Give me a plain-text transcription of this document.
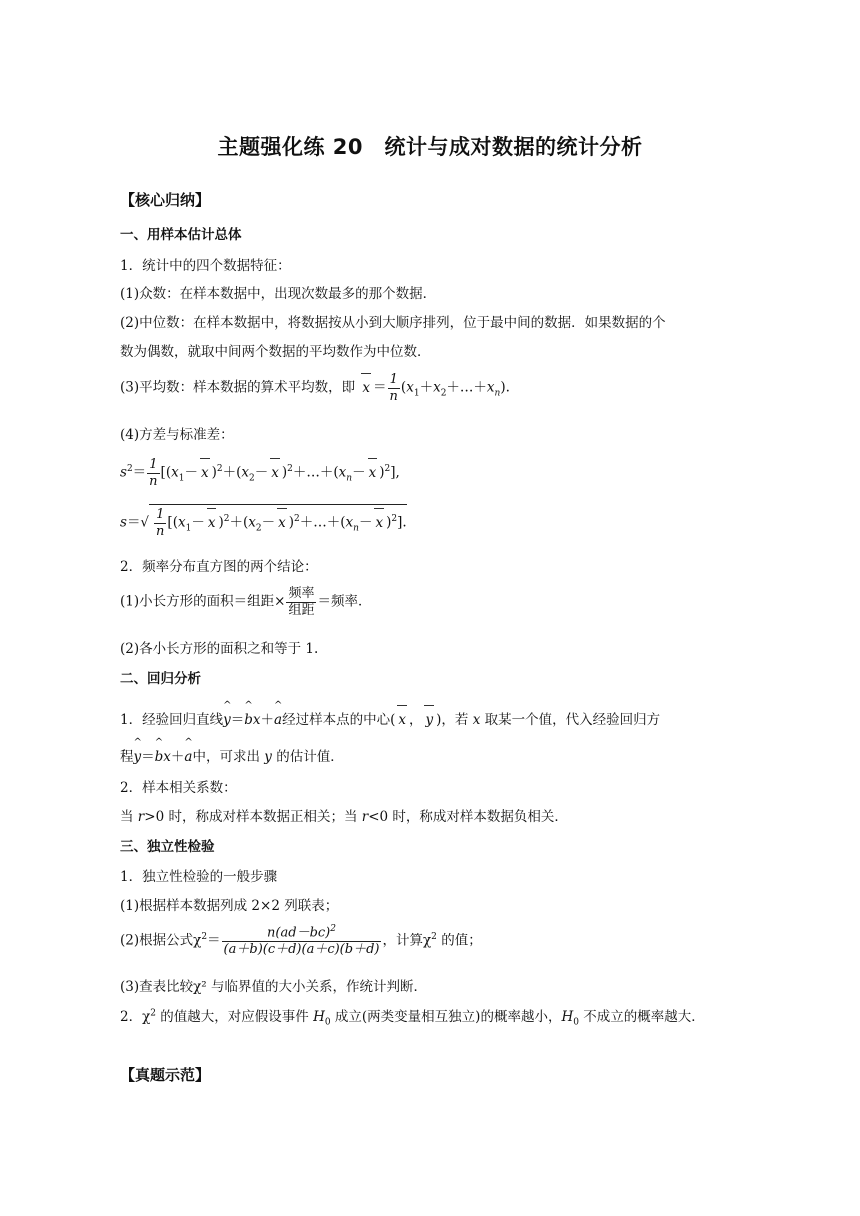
主题强化练 20　统计与成对数据的统计分析
【核心归纳】
一、用样本估计总体
1．统计中的四个数据特征：
(1)众数：在样本数据中，出现次数最多的那个数据．
(2)中位数：在样本数据中，将数据按从小到大顺序排列，位于最中间的数据．如果数据的个
数为偶数，就取中间两个数据的平均数作为中位数．
(3)平均数：样本数据的算术平均数，即 $x = \frac{1}{n}$ $(x_1+x_2+\dots+x_n)$.
(4)方差与标准差：
$s^2= \frac{1}{n} [(x_1- x$ )$^2+(x_2- x$ )$^2+\dots+(x_n- x$ )$^2$],
$s=√ \frac{1}{n} [(x_1- x$ )$^2+(x_2- x$ )$^2+\dots+(x_n- x$ )$^2$].
2．频率分布直方图的两个结论：
(1)小长方形的面积＝组距× $\frac{\text{频率}}{\text{组距}}$ ＝频率．
(2)各小长方形的面积之和等于 1.
二、回归分析
1．经验回归直线^ y＝^ bx＋^ a经过样本点的中心( x ， y )，若 x 取某一个值，代入经验回归方
程^ y＝^ bx＋^ a中，可求出 y 的估计值．
2．样本相关系数：
当 r>0 时，称成对样本数据正相关；当 r<0 时，称成对样本数据负相关．
三、独立性检验
1．独立性检验的一般步骤
(1)根据样本数据列成 2×2 列联表；
(2)根据公式$\chi^2= \frac{n(ad-bc)^2}{(a+b)(c+d)(a+c)(b+d)}$ ，计算$\chi^2$ 的值；
(3)查表比较χ² 与临界值的大小关系，作统计判断．
2．$\chi^2$ 的值越大，对应假设事件 $H_0$ 成立(两类变量相互独立)的概率越小，$H_0$ 不成立的概率越大．
【真题示范】
